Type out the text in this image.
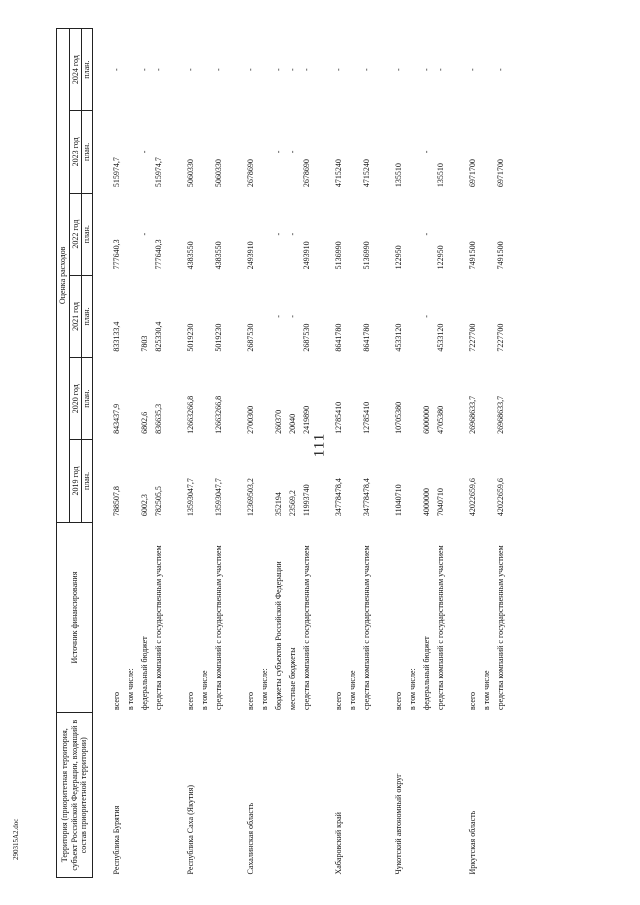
111
Территория (приоритетная территория, субъект Российской Федерации, входящий в состав приоритетной территории)	Источник финансирования	Оценка расходов					
		2019 год	2020 год	2021 год	2022 год	2023 год	2024 год
		план.	план.	план.	план.	план.	план.

Республика Бурятия	всего	788507,8	843437,9	833133,4	777640,3	515974,7	-
	в том числе:						
	федеральный бюджет	6002,3	6802,6	7803	-	-	-
	средства компаний с государственным участием	782505,5	836635,3	825330,4	777640,3	515974,7	-

Республика Саха (Якутия)	всего	13593047,7	12663266,8	5019230	4383550	5060330	-
	в том числе						
	средства компаний с государственным участием	13593047,7	12663266,8	5019230	4383550	5060330	-

Сахалинская область	всего	12369503,2	2700300	2687530	2493910	2678690	-
	в том числе:						
	бюджеты субъектов Российской Федерации	352194	260370	-	-	-	-
	местные бюджеты	23569,2	20040	-	-	-	-
	средства компаний с государственным участием	11993740	2419890	2687530	2493910	2678690	-

Хабаровский край	всего	34778478,4	12785410	8641780	5136990	4715240	-
	в том числе						
	средства компаний с государственным участием	34778478,4	12785410	8641780	5136990	4715240	-

Чукотский автономный округ	всего	11040710	10705380	4533120	122950	135510	-
	в том числе:						
	федеральный бюджет	4000000	6000000	-	-	-	-
	средства компаний с государственным участием	7040710	4705380	4533120	122950	135510	-

Иркутская область	всего	42022659,6	26968633,7	7227700	7491500	6971700	-
	в том числе						
	средства компаний с государственным участием	42022659,6	26968633,7	7227700	7491500	6971700	-
290315A2.doc
